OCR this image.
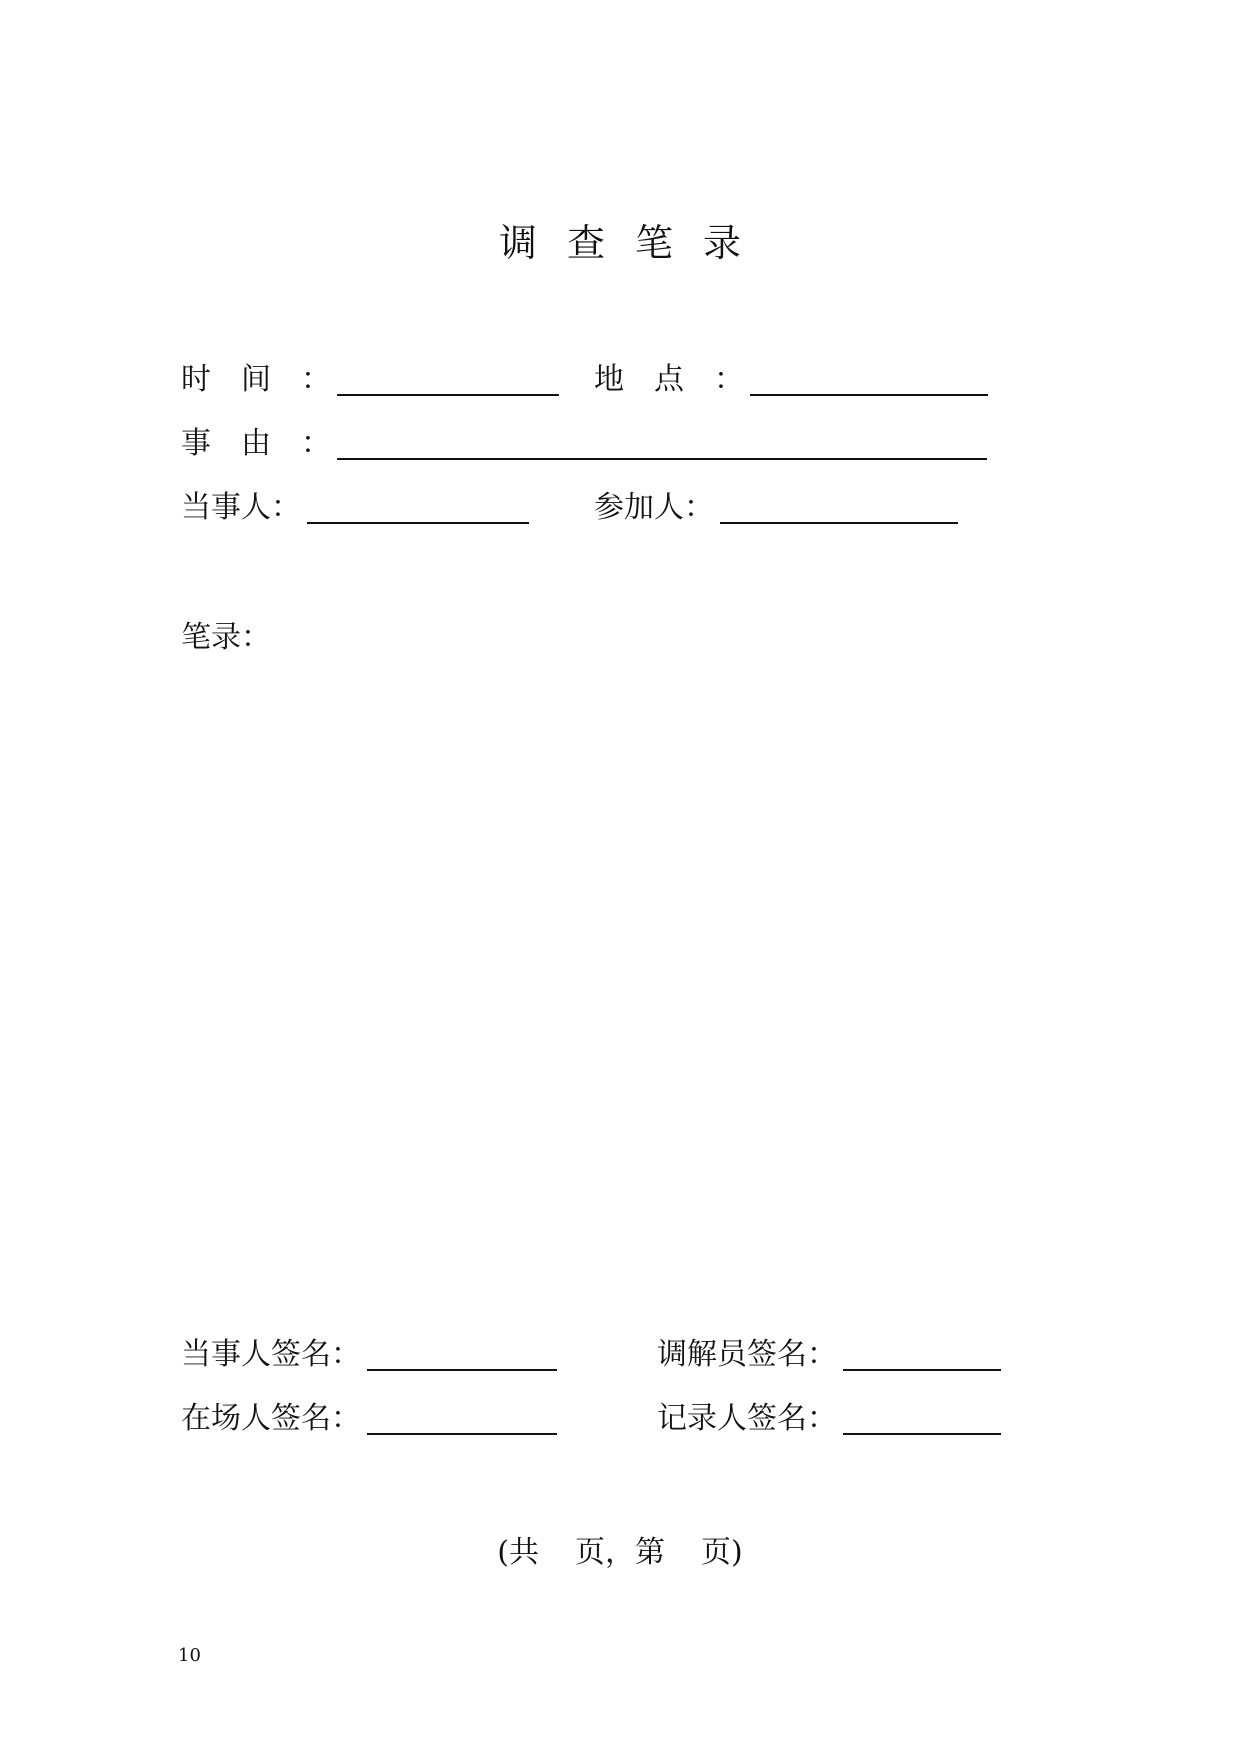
调查笔录
时间 ：	地点 ：
事由 ：
当事人 ：	参加人 ：
笔录：
当事人签名：	调解员签名：
在场人签名：	记录人签名：
(共 页，第 页)
10
